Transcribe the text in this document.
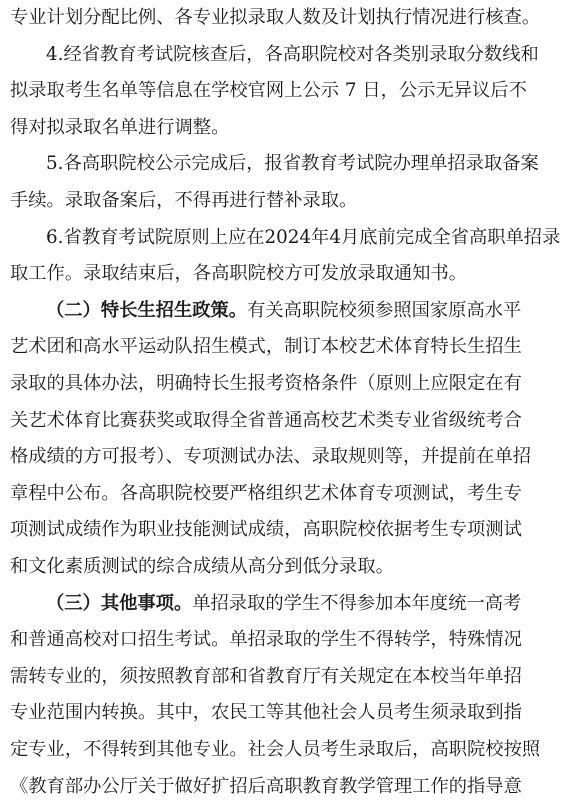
专业计划分配比例、各专业拟录取人数及计划执行情况进行核查。
4.经省教育考试院核查后，各高职院校对各类别录取分数线和
拟录取考生名单等信息在学校官网上公示 7 日，公示无异议后不
得对拟录取名单进行调整。
5.各高职院校公示完成后，报省教育考试院办理单招录取备案
手续。录取备案后，不得再进行替补录取。
6.省教育考试院原则上应在2024年4月底前完成全省高职单招录
取工作。录取结束后，各高职院校方可发放录取通知书。
（二）特长生招生政策。有关高职院校须参照国家原高水平
艺术团和高水平运动队招生模式，制订本校艺术体育特长生招生
录取的具体办法，明确特长生报考资格条件（原则上应限定在有
关艺术体育比赛获奖或取得全省普通高校艺术类专业省级统考合
格成绩的方可报考）、专项测试办法、录取规则等，并提前在单招
章程中公布。各高职院校要严格组织艺术体育专项测试，考生专
项测试成绩作为职业技能测试成绩，高职院校依据考生专项测试
和文化素质测试的综合成绩从高分到低分录取。
（三）其他事项。单招录取的学生不得参加本年度统一高考
和普通高校对口招生考试。单招录取的学生不得转学，特殊情况
需转专业的，须按照教育部和省教育厅有关规定在本校当年单招
专业范围内转换。其中，农民工等其他社会人员考生须录取到指
定专业，不得转到其他专业。社会人员考生录取后，高职院校按照
《教育部办公厅关于做好扩招后高职教育教学管理工作的指导意
